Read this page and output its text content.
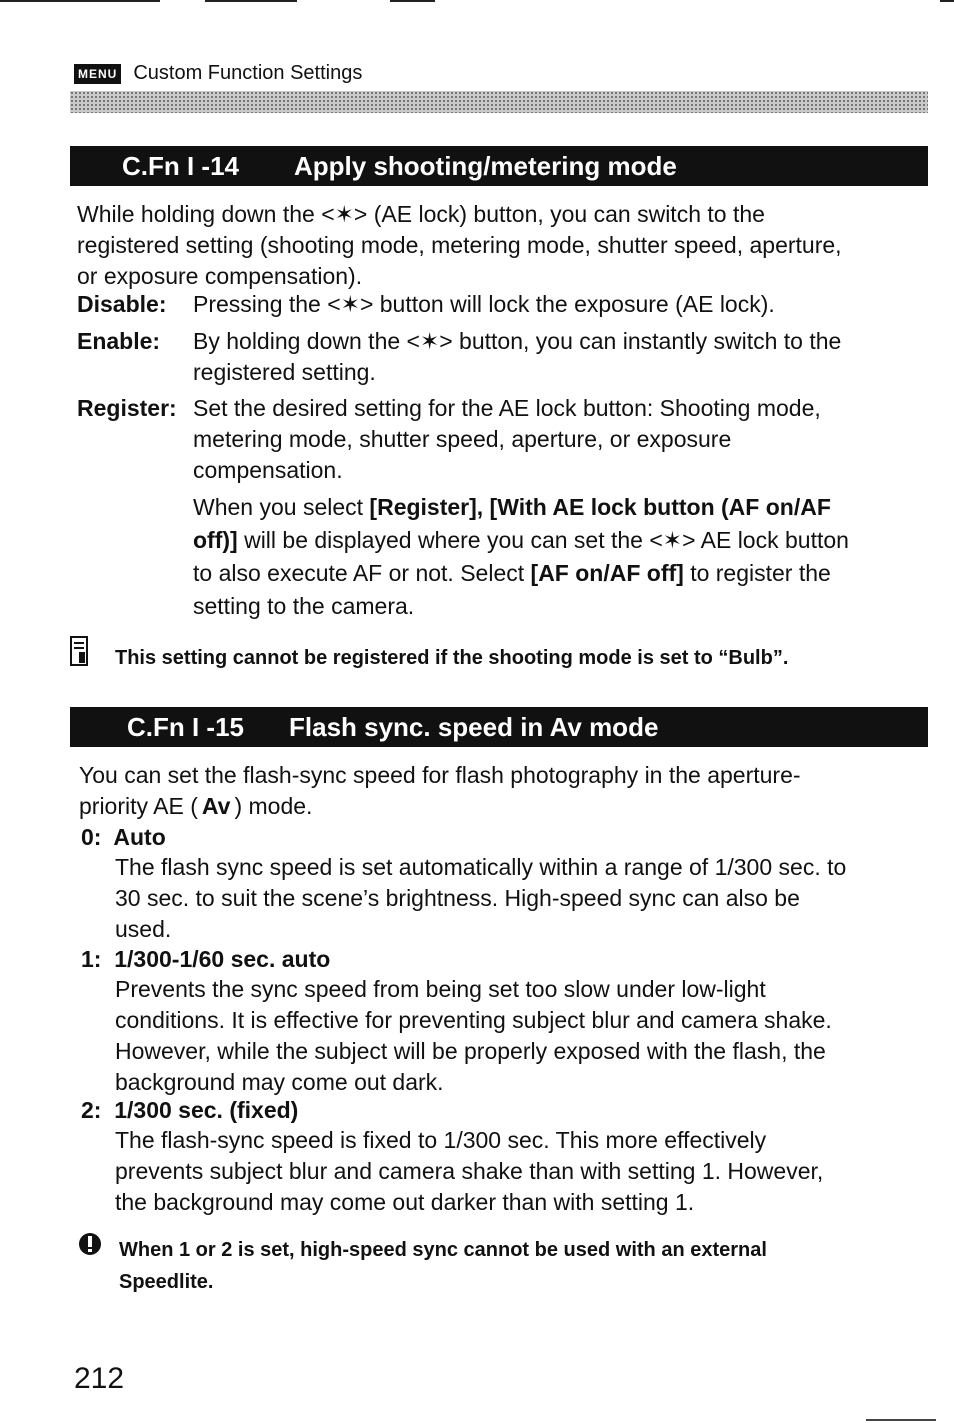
MENU Custom Function Settings
C.Fn I -14	Apply shooting/metering mode
While holding down the <✶> (AE lock) button, you can switch to the
registered setting (shooting mode, metering mode, shutter speed, aperture,
or exposure compensation).
Disable: Pressing the <✶> button will lock the exposure (AE lock).
Enable: By holding down the <✶> button, you can instantly switch to the
registered setting.
Register: Set the desired setting for the AE lock button: Shooting mode,
metering mode, shutter speed, aperture, or exposure
compensation.
When you select [Register], [With AE lock button (AF on/AF
off)] will be displayed where you can set the <✶> AE lock button
to also execute AF or not. Select [AF on/AF off] to register the
setting to the camera.
This setting cannot be registered if the shooting mode is set to “Bulb”.
C.Fn I -15	Flash sync. speed in Av mode
You can set the flash-sync speed for flash photography in the aperture-
priority AE ( Av ) mode.
0:  Auto
The flash sync speed is set automatically within a range of 1/300 sec. to
30 sec. to suit the scene’s brightness. High-speed sync can also be
used.
1:  1/300-1/60 sec. auto
Prevents the sync speed from being set too slow under low-light
conditions. It is effective for preventing subject blur and camera shake.
However, while the subject will be properly exposed with the flash, the
background may come out dark.
2:  1/300 sec. (fixed)
The flash-sync speed is fixed to 1/300 sec. This more effectively
prevents subject blur and camera shake than with setting 1. However,
the background may come out darker than with setting 1.
When 1 or 2 is set, high-speed sync cannot be used with an external
Speedlite.
212
